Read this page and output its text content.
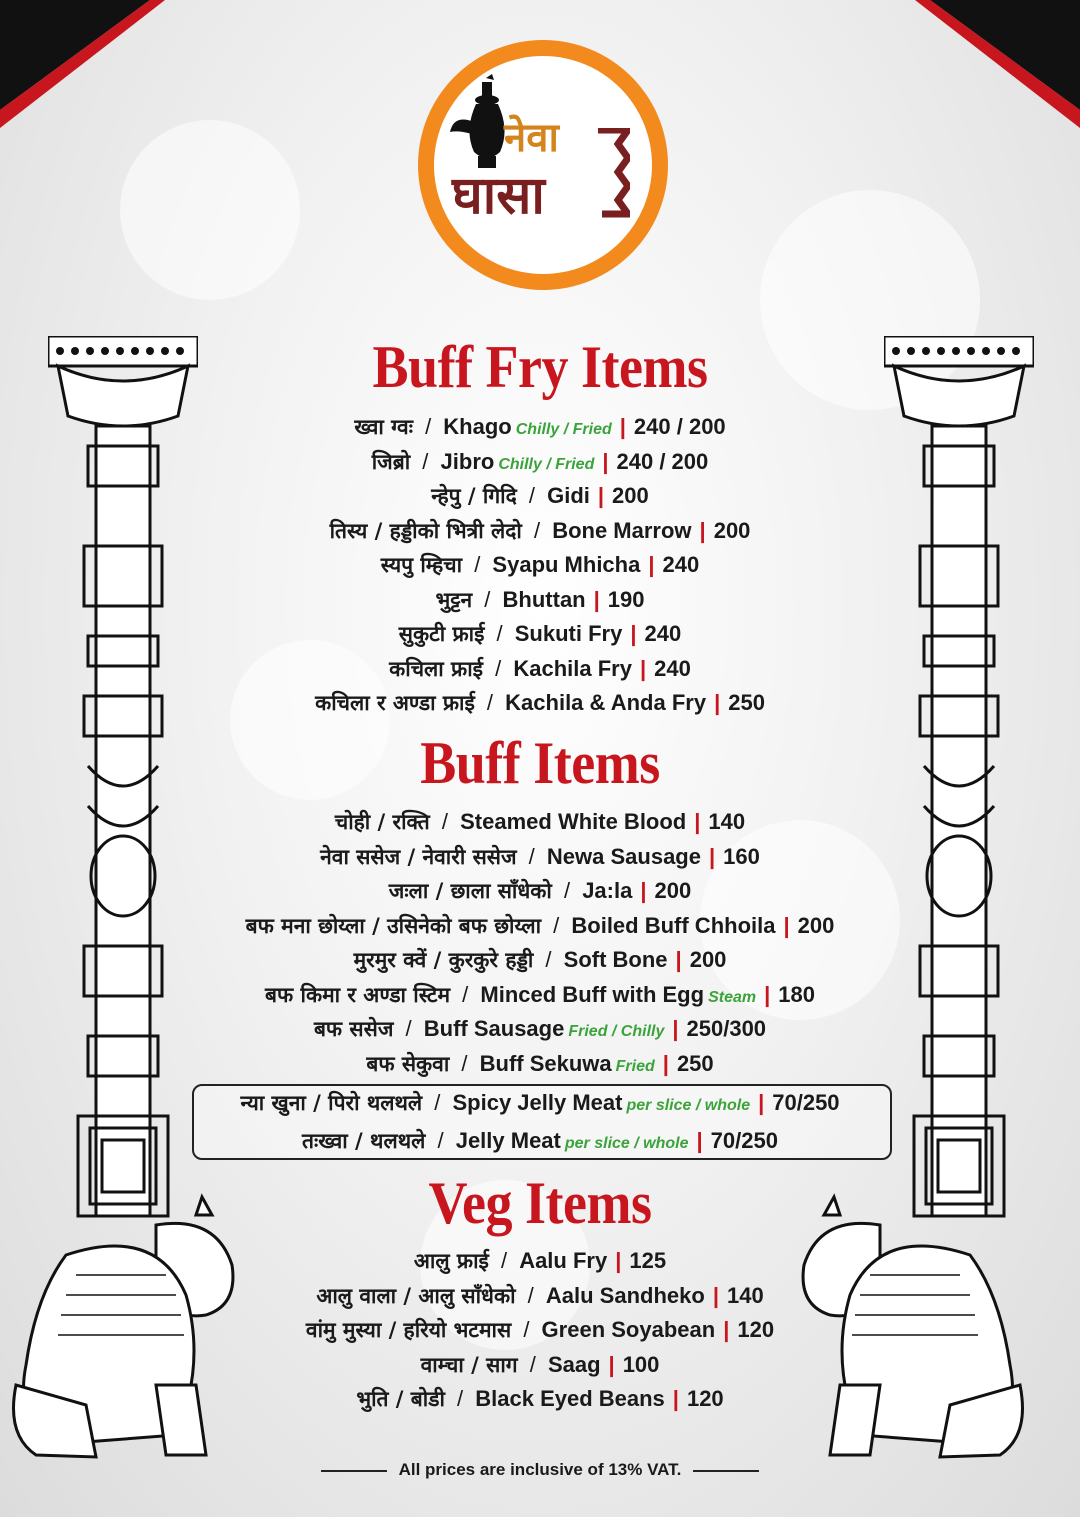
नेवा
घासा
Buff Fry Items
ख्वा ग्वः / Khago Chilly / Fried | 240 / 200
जिब्रो / Jibro Chilly / Fried | 240 / 200
न्हेपु / गिदि / Gidi | 200
तिस्य / हड्डीको भित्री लेदो / Bone Marrow | 200
स्यपु म्हिचा / Syapu Mhicha | 240
भुट्टन / Bhuttan | 190
सुकुटी फ्राई / Sukuti Fry | 240
कचिला फ्राई / Kachila Fry | 240
कचिला र अण्डा फ्राई / Kachila & Anda Fry | 250
Buff Items
चोही / रक्ति / Steamed White Blood | 140
नेवा ससेज / नेवारी ससेज / Newa Sausage | 160
जःला / छाला साँधेको / Ja:la | 200
बफ मना छोय्ला / उसिनेको बफ छोय्ला / Boiled Buff Chhoila | 200
मुरमुर क्वें / कुरकुरे हड्डी / Soft Bone | 200
बफ किमा र अण्डा स्टिम / Minced Buff with Egg Steam | 180
बफ ससेज / Buff Sausage Fried / Chilly | 250/300
बफ सेकुवा / Buff Sekuwa Fried | 250
न्या खुना / पिरो थलथले / Spicy Jelly Meat per slice / whole | 70/250
तःख्वा / थलथले / Jelly Meat per slice / whole | 70/250
Veg Items
आलु फ्राई / Aalu Fry | 125
आलु वाला / आलु साँधेको / Aalu Sandheko | 140
वांमु मुस्या / हरियो भटमास / Green Soyabean | 120
वाम्चा / साग / Saag | 100
भुति / बोडी / Black Eyed Beans | 120
All prices are inclusive of 13% VAT.
